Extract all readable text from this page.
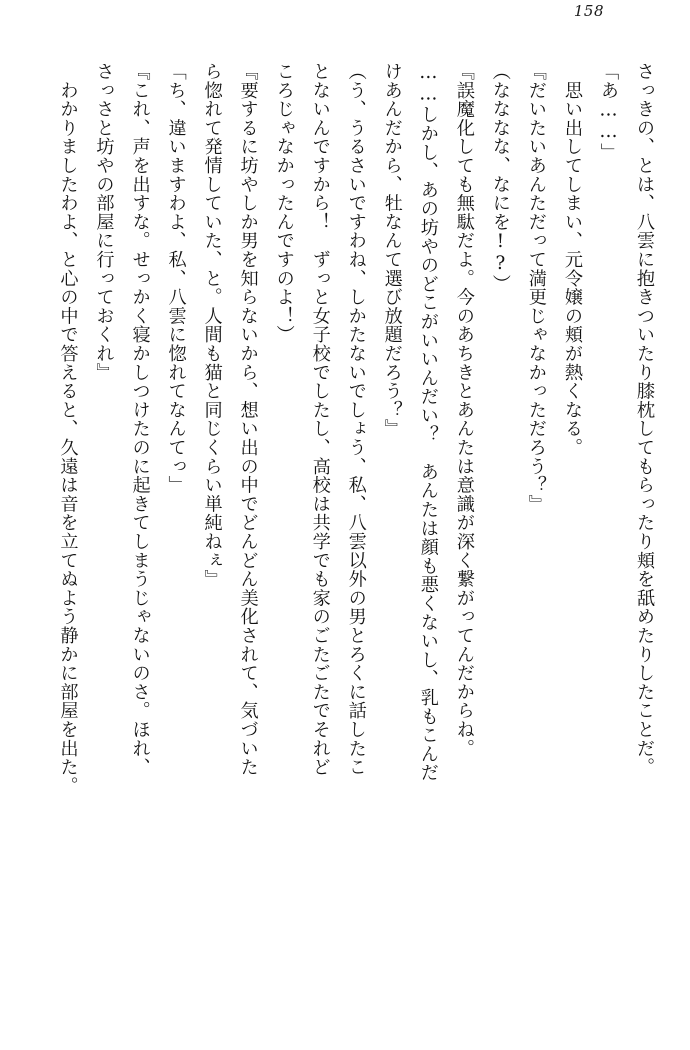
158
さっきの、とは、八雲に抱きついたり膝枕してもらったり頬を舐めたりしたことだ。
「あ……」
　思い出してしまい、元令嬢の頬が熱くなる。
『だいたいあんただって満更じゃなかっただろう？』
（なななな、なにを!?）
『誤魔化しても無駄だよ。今のあちきとあんたは意識が深く繋がってんだからね。
……しかし、あの坊やのどこがいいんだい？　あんたは顔も悪くないし、乳もこんだ
けあんだから、牡なんて選び放題だろう？』
（う、うるさいですわね、しかたないでしょう、私、八雲以外の男とろくに話したこ
とないんですから！　ずっと女子校でしたし、高校は共学でも家のごたごたでそれど
ころじゃなかったんですのよ！）
『要するに坊やしか男を知らないから、想い出の中でどんどん美化されて、気づいた
ら惚れて発情していた、と。人間も猫と同じくらい単純ねぇ』
「ち、違いますわよ、私、八雲に惚れてなんてっ」
『これ、声を出すな。せっかく寝かしつけたのに起きてしまうじゃないのさ。ほれ、
さっさと坊やの部屋に行っておくれ』
　わかりましたわよ、と心の中で答えると、久遠は音を立てぬよう静かに部屋を出た。
